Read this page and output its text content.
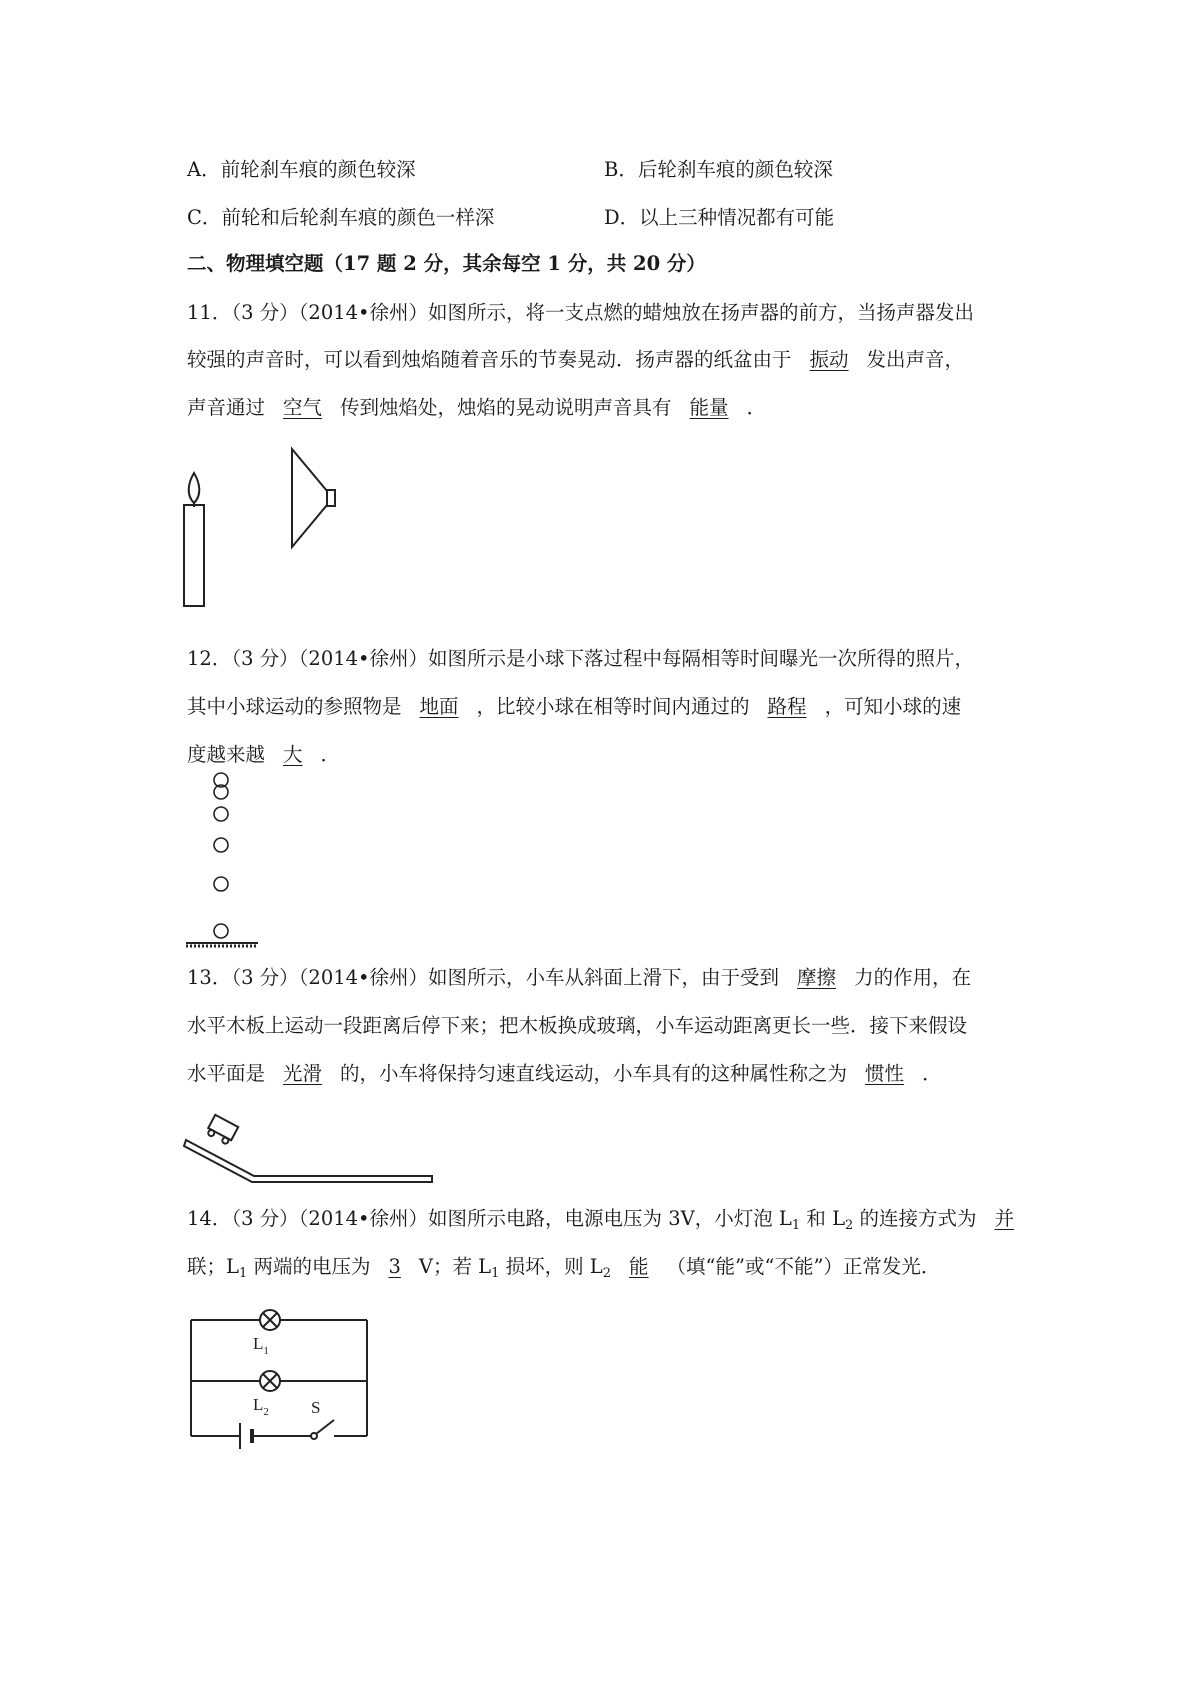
A．前轮刹车痕的颜色较深	B．后轮刹车痕的颜色较深
C．前轮和后轮刹车痕的颜色一样深	D．以上三种情况都有可能
二、物理填空题（17 题 2 分，其余每空 1 分，共 20 分）
11．（3 分）（2014•徐州）如图所示，将一支点燃的蜡烛放在扬声器的前方，当扬声器发出
较强的声音时，可以看到烛焰随着音乐的节奏晃动．扬声器的纸盆由于 振动 发出声音，
声音通过 空气 传到烛焰处，烛焰的晃动说明声音具有 能量 ．
12．（3 分）（2014•徐州）如图所示是小球下落过程中每隔相等时间曝光一次所得的照片，
其中小球运动的参照物是 地面 ，比较小球在相等时间内通过的 路程 ，可知小球的速
度越来越 大 ．
13．（3 分）（2014•徐州）如图所示，小车从斜面上滑下，由于受到 摩擦 力的作用，在
水平木板上运动一段距离后停下来；把木板换成玻璃，小车运动距离更长一些．接下来假设
水平面是 光滑 的，小车将保持匀速直线运动，小车具有的这种属性称之为 惯性 ．
14．（3 分）（2014•徐州）如图所示电路，电源电压为 3V，小灯泡 $L_1$ 和 $L_2$ 的连接方式为 并
联；$L_1$ 两端的电压为 3 V；若 $L_1$ 损坏，则 $L_2$ 能 （填“能”或“不能”）正常发光．
$L_1$
$L_2$ S
